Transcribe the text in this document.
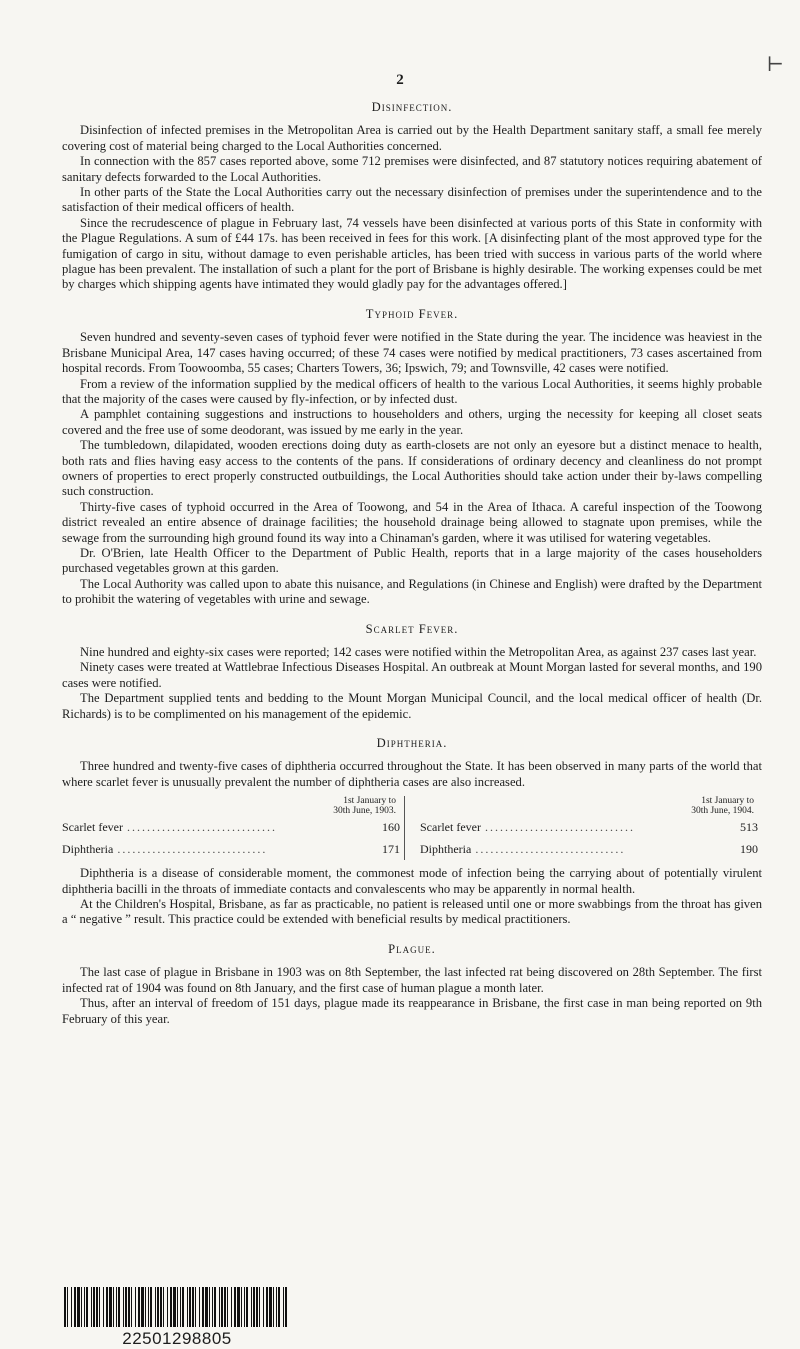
2
⊢
Disinfection.

Disinfection of infected premises in the Metropolitan Area is carried out by the Health Department sanitary staff, a small fee merely covering cost of material being charged to the Local Authorities concerned.

In connection with the 857 cases reported above, some 712 premises were disinfected, and 87 statutory notices requiring abatement of sanitary defects forwarded to the Local Authorities.

In other parts of the State the Local Authorities carry out the necessary disinfection of premises under the superintendence and to the satisfaction of their medical officers of health.

Since the recrudescence of plague in February last, 74 vessels have been disinfected at various ports of this State in conformity with the Plague Regulations. A sum of £44 17s. has been received in fees for this work. [A disinfecting plant of the most approved type for the fumigation of cargo in situ, without damage to even perishable articles, has been tried with success in various parts of the world where plague has been prevalent. The installation of such a plant for the port of Brisbane is highly desirable. The working expenses could be met by charges which shipping agents have intimated they would gladly pay for the advantages offered.]

Typhoid Fever.

Seven hundred and seventy-seven cases of typhoid fever were notified in the State during the year. The incidence was heaviest in the Brisbane Municipal Area, 147 cases having occurred; of these 74 cases were notified by medical practitioners, 73 cases ascertained from hospital records. From Toowoomba, 55 cases; Charters Towers, 36; Ipswich, 79; and Townsville, 42 cases were notified.

From a review of the information supplied by the medical officers of health to the various Local Authorities, it seems highly probable that the majority of the cases were caused by fly-infection, or by infected dust.

A pamphlet containing suggestions and instructions to householders and others, urging the necessity for keeping all closet seats covered and the free use of some deodorant, was issued by me early in the year.

The tumbledown, dilapidated, wooden erections doing duty as earth-closets are not only an eyesore but a distinct menace to health, both rats and flies having easy access to the contents of the pans. If considerations of ordinary decency and cleanliness do not prompt owners of properties to erect properly constructed outbuildings, the Local Authorities should take action under their by-laws compelling such construction.

Thirty-five cases of typhoid occurred in the Area of Toowong, and 54 in the Area of Ithaca. A careful inspection of the Toowong district revealed an entire absence of drainage facilities; the household drainage being allowed to stagnate upon premises, while the sewage from the surrounding high ground found its way into a Chinaman's garden, where it was utilised for watering vegetables.

Dr. O'Brien, late Health Officer to the Department of Public Health, reports that in a large majority of the cases householders purchased vegetables grown at this garden.

The Local Authority was called upon to abate this nuisance, and Regulations (in Chinese and English) were drafted by the Department to prohibit the watering of vegetables with urine and sewage.

Scarlet Fever.

Nine hundred and eighty-six cases were reported; 142 cases were notified within the Metropolitan Area, as against 237 cases last year.

Ninety cases were treated at Wattlebrae Infectious Diseases Hospital. An outbreak at Mount Morgan lasted for several months, and 190 cases were notified.

The Department supplied tents and bedding to the Mount Morgan Municipal Council, and the local medical officer of health (Dr. Richards) is to be complimented on his management of the epidemic.

Diphtheria.

Three hundred and twenty-five cases of diphtheria occurred throughout the State. It has been observed in many parts of the world that where scarlet fever is unusually prevalent the number of diphtheria cases are also increased.

1st January to
30th June, 1903.
Scarlet fever ..............................	160
Diphtheria ..............................	171
1st January to
30th June, 1904.
Scarlet fever ..............................	513
Diphtheria ..............................	190

Diphtheria is a disease of considerable moment, the commonest mode of infection being the carrying about of potentially virulent diphtheria bacilli in the throats of immediate contacts and convalescents who may be apparently in normal health.

At the Children's Hospital, Brisbane, as far as practicable, no patient is released until one or more swabbings from the throat has given a “ negative ” result. This practice could be extended with beneficial results by medical practitioners.

Plague.

The last case of plague in Brisbane in 1903 was on 8th September, the last infected rat being discovered on 28th September. The first infected rat of 1904 was found on 8th January, and the first case of human plague a month later.

Thus, after an interval of freedom of 151 days, plague made its reappearance in Brisbane, the first case in man being reported on 9th February of this year.

22501298805
